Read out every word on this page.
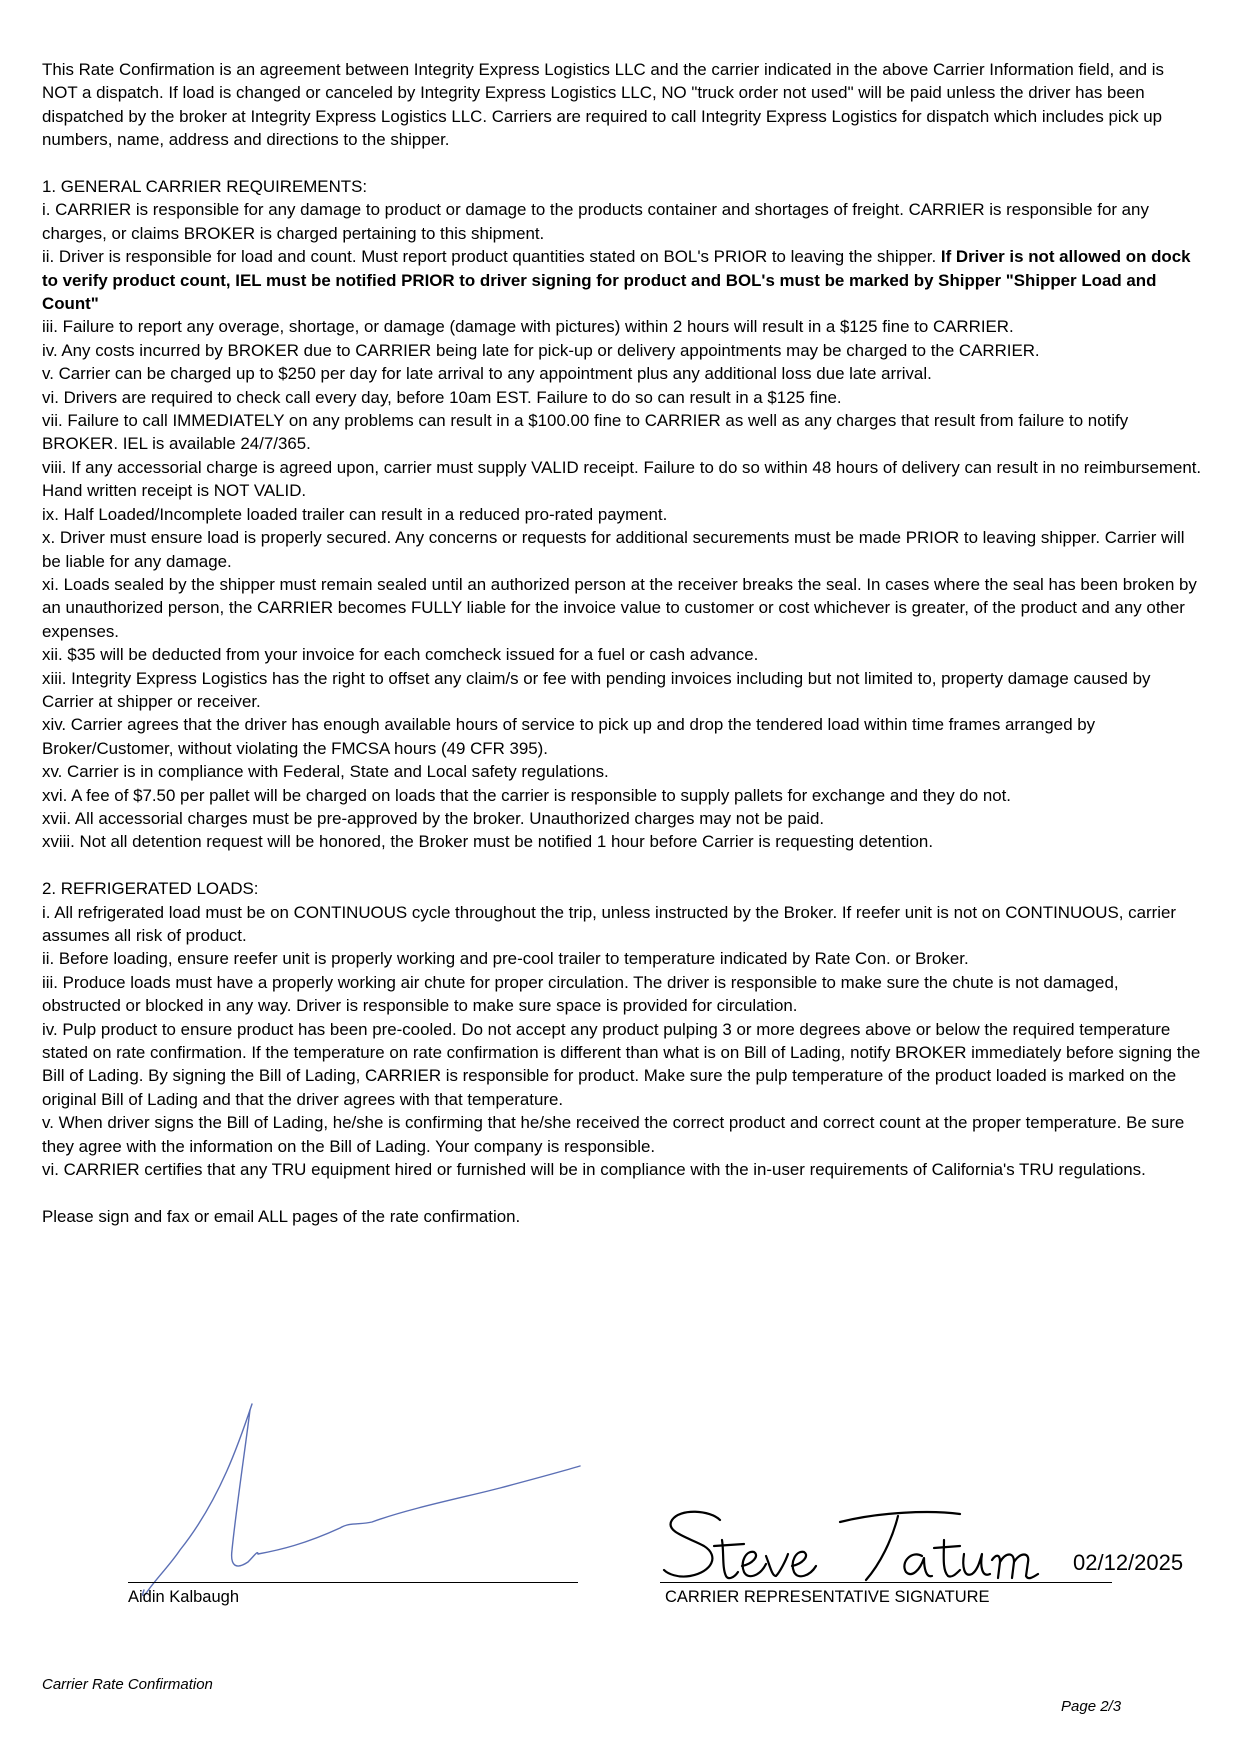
This Rate Confirmation is an agreement between Integrity Express Logistics LLC and the carrier indicated in the above Carrier Information field, and is NOT a dispatch. If load is changed or canceled by Integrity Express Logistics LLC, NO "truck order not used" will be paid unless the driver has been dispatched by the broker at Integrity Express Logistics LLC. Carriers are required to call Integrity Express Logistics for dispatch which includes pick up numbers, name, address and directions to the shipper.

1. GENERAL CARRIER REQUIREMENTS:

i. CARRIER is responsible for any damage to product or damage to the products container and shortages of freight. CARRIER is responsible for any charges, or claims BROKER is charged pertaining to this shipment.

ii. Driver is responsible for load and count. Must report product quantities stated on BOL's PRIOR to leaving the shipper. If Driver is not allowed on dock to verify product count, IEL must be notified PRIOR to driver signing for product and BOL's must be marked by Shipper "Shipper Load and Count"

iii. Failure to report any overage, shortage, or damage (damage with pictures) within 2 hours will result in a $125 fine to CARRIER.

iv. Any costs incurred by BROKER due to CARRIER being late for pick-up or delivery appointments may be charged to the CARRIER.

v. Carrier can be charged up to $250 per day for late arrival to any appointment plus any additional loss due late arrival.

vi. Drivers are required to check call every day, before 10am EST. Failure to do so can result in a $125 fine.

vii. Failure to call IMMEDIATELY on any problems can result in a $100.00 fine to CARRIER as well as any charges that result from failure to notify BROKER. IEL is available 24/7/365.

viii. If any accessorial charge is agreed upon, carrier must supply VALID receipt. Failure to do so within 48 hours of delivery can result in no reimbursement. Hand written receipt is NOT VALID.

ix. Half Loaded/Incomplete loaded trailer can result in a reduced pro-rated payment.

x. Driver must ensure load is properly secured. Any concerns or requests for additional securements must be made PRIOR to leaving shipper. Carrier will be liable for any damage.

xi. Loads sealed by the shipper must remain sealed until an authorized person at the receiver breaks the seal. In cases where the seal has been broken by an unauthorized person, the CARRIER becomes FULLY liable for the invoice value to customer or cost whichever is greater, of the product and any other expenses.

xii. $35 will be deducted from your invoice for each comcheck issued for a fuel or cash advance.

xiii. Integrity Express Logistics has the right to offset any claim/s or fee with pending invoices including but not limited to, property damage caused by Carrier at shipper or receiver.

xiv. Carrier agrees that the driver has enough available hours of service to pick up and drop the tendered load within time frames arranged by Broker/Customer, without violating the FMCSA hours (49 CFR 395).

xv. Carrier is in compliance with Federal, State and Local safety regulations.

xvi. A fee of $7.50 per pallet will be charged on loads that the carrier is responsible to supply pallets for exchange and they do not.

xvii. All accessorial charges must be pre-approved by the broker. Unauthorized charges may not be paid.

xviii. Not all detention request will be honored, the Broker must be notified 1 hour before Carrier is requesting detention.

2. REFRIGERATED LOADS:

i. All refrigerated load must be on CONTINUOUS cycle throughout the trip, unless instructed by the Broker. If reefer unit is not on CONTINUOUS, carrier assumes all risk of product.

ii. Before loading, ensure reefer unit is properly working and pre-cool trailer to temperature indicated by Rate Con. or Broker.

iii. Produce loads must have a properly working air chute for proper circulation. The driver is responsible to make sure the chute is not damaged, obstructed or blocked in any way. Driver is responsible to make sure space is provided for circulation.

iv. Pulp product to ensure product has been pre-cooled. Do not accept any product pulping 3 or more degrees above or below the required temperature stated on rate confirmation. If the temperature on rate confirmation is different than what is on Bill of Lading, notify BROKER immediately before signing the Bill of Lading. By signing the Bill of Lading, CARRIER is responsible for product. Make sure the pulp temperature of the product loaded is marked on the original Bill of Lading and that the driver agrees with that temperature.

v. When driver signs the Bill of Lading, he/she is confirming that he/she received the correct product and correct count at the proper temperature. Be sure they agree with the information on the Bill of Lading. Your company is responsible.

vi. CARRIER certifies that any TRU equipment hired or furnished will be in compliance with the in-user requirements of California's TRU regulations.

Please sign and fax or email ALL pages of the rate confirmation.

Aidin Kalbaugh
02/12/2025
CARRIER REPRESENTATIVE SIGNATURE
Carrier Rate Confirmation
Page 2/3
